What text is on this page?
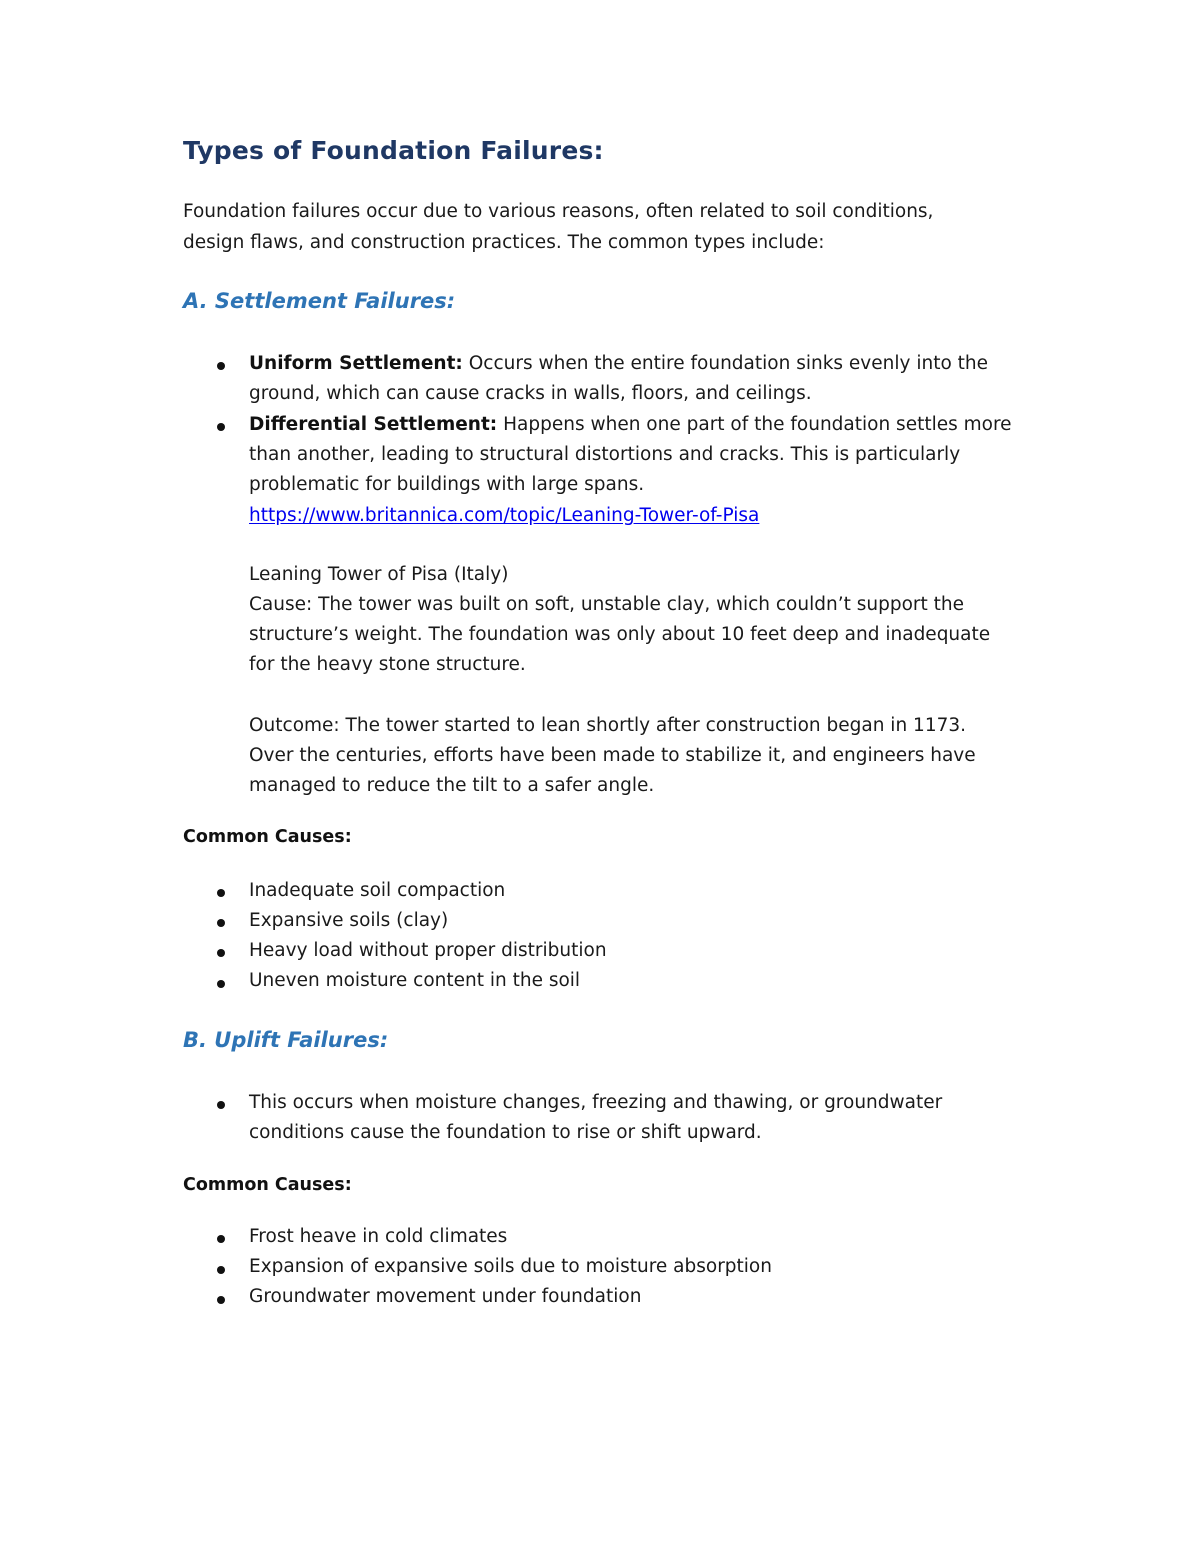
Types of Foundation Failures:

Foundation failures occur due to various reasons, often related to soil conditions,

design flaws, and construction practices. The common types include:

A. Settlement Failures:

Uniform Settlement: Occurs when the entire foundation sinks evenly into the

ground, which can cause cracks in walls, floors, and ceilings.

Differential Settlement: Happens when one part of the foundation settles more

than another, leading to structural distortions and cracks. This is particularly

problematic for buildings with large spans.

https://www.britannica.com/topic/Leaning-Tower-of-Pisa

Leaning Tower of Pisa (Italy)

Cause: The tower was built on soft, unstable clay, which couldn’t support the

structure’s weight. The foundation was only about 10 feet deep and inadequate

for the heavy stone structure.

Outcome: The tower started to lean shortly after construction began in 1173.

Over the centuries, efforts have been made to stabilize it, and engineers have

managed to reduce the tilt to a safer angle.

Common Causes:

Inadequate soil compaction

Expansive soils (clay)

Heavy load without proper distribution

Uneven moisture content in the soil

B. Uplift Failures:

This occurs when moisture changes, freezing and thawing, or groundwater

conditions cause the foundation to rise or shift upward.

Common Causes:

Frost heave in cold climates

Expansion of expansive soils due to moisture absorption

Groundwater movement under foundation
